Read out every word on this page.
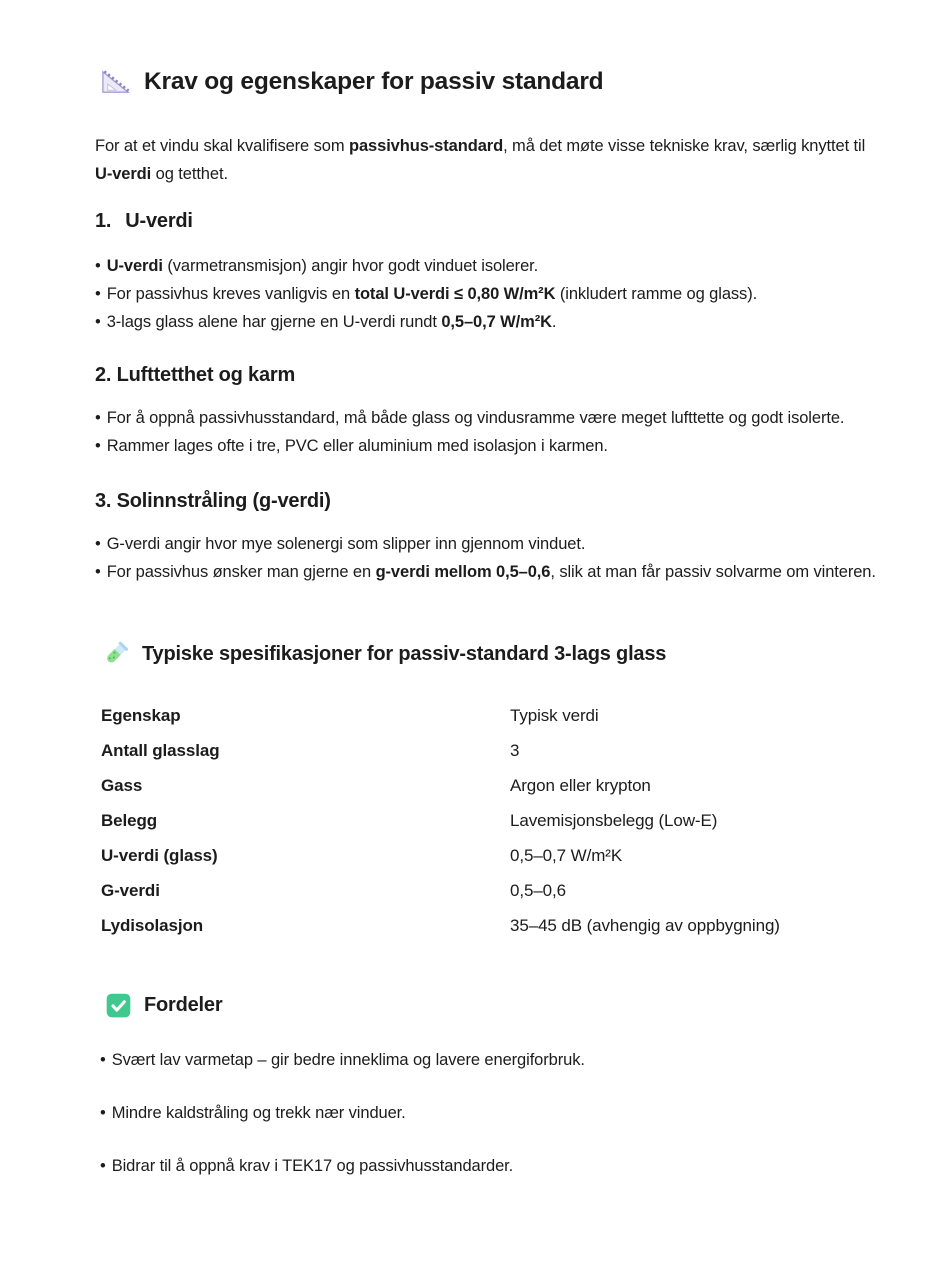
Krav og egenskaper for passiv standard

For at et vindu skal kvalifisere som passivhus-standard, må det møte visse tekniske krav, særlig knyttet til U-verdi og tetthet.

1. U-verdi
• U-verdi (varmetransmisjon) angir hvor godt vinduet isolerer.
• For passivhus kreves vanligvis en total U-verdi ≤ 0,80 W/m²K (inkludert ramme og glass).
• 3-lags glass alene har gjerne en U-verdi rundt 0,5–0,7 W/m²K.
2. Lufttetthet og karm
• For å oppnå passivhusstandard, må både glass og vindusramme være meget lufttette og godt isolerte.
• Rammer lages ofte i tre, PVC eller aluminium med isolasjon i karmen.
3. Solinnstråling (g-verdi)
• G-verdi angir hvor mye solenergi som slipper inn gjennom vinduet.
• For passivhus ønsker man gjerne en g-verdi mellom 0,5–0,6, slik at man får passiv solvarme om vinteren.
Typiske spesifikasjoner for passiv-standard 3-lags glass
Egenskap	Typisk verdi
Antall glasslag	3
Gass	Argon eller krypton
Belegg	Lavemisjonsbelegg (Low-E)
U-verdi (glass)	0,5–0,7 W/m²K
G-verdi	0,5–0,6
Lydisolasjon	35–45 dB (avhengig av oppbygning)
Fordeler
• Svært lav varmetap – gir bedre inneklima og lavere energiforbruk.
• Mindre kaldstråling og trekk nær vinduer.
• Bidrar til å oppnå krav i TEK17 og passivhusstandarder.
